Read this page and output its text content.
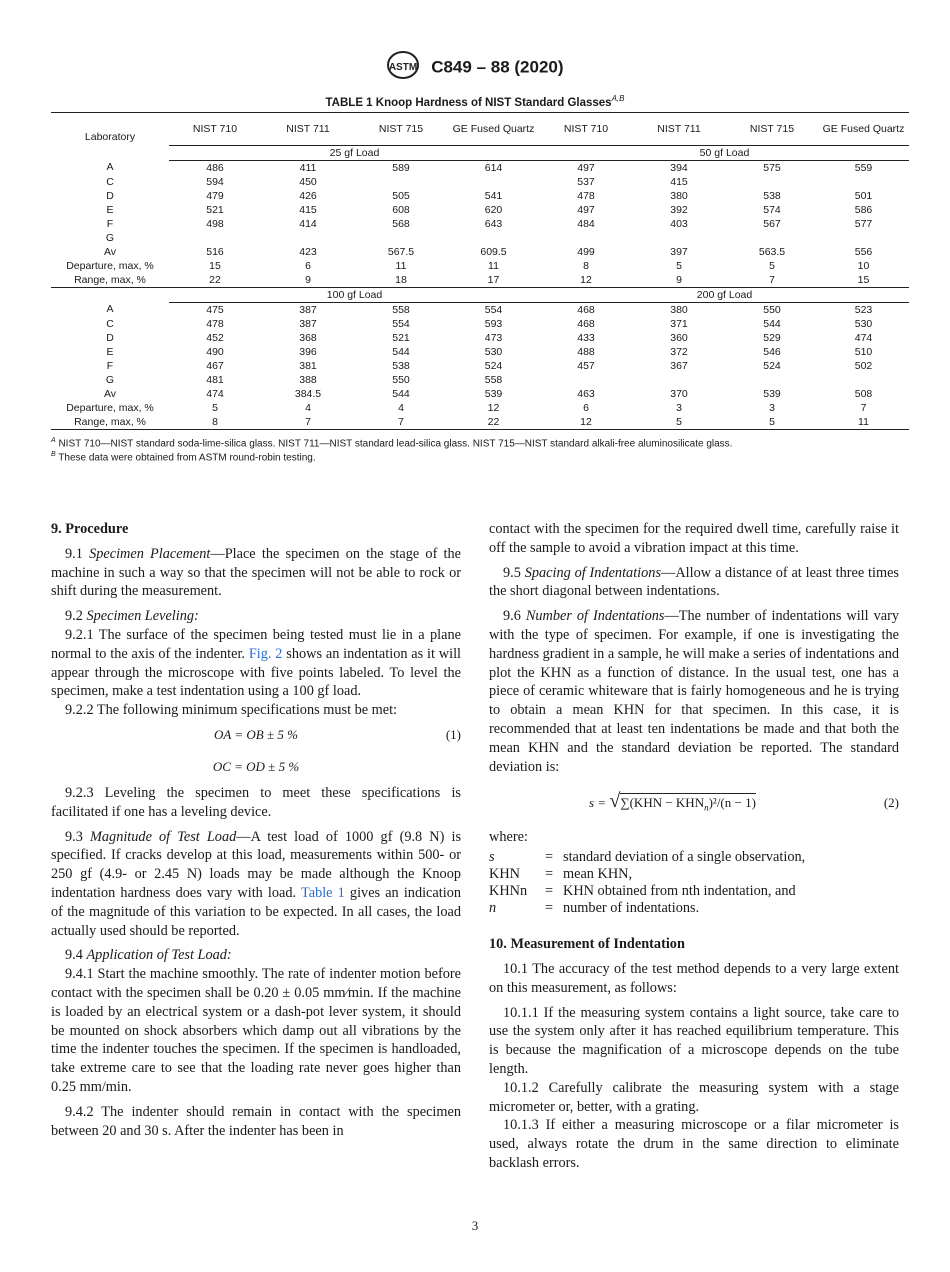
ASTM C849 – 88 (2020)
TABLE 1 Knoop Hardness of NIST Standard Glasses$^{A,B}$
Laboratory	NIST 710	NIST 711	NIST 715	GE Fused Quartz	NIST 710	NIST 711	NIST 715	GE Fused Quartz
	25 gf Load				50 gf Load			
A	486	411	589	614	497	394	575	559
C	594	450			537	415		
D	479	426	505	541	478	380	538	501
E	521	415	608	620	497	392	574	586
F	498	414	568	643	484	403	567	577
G								
Av	516	423	567.5	609.5	499	397	563.5	556
Departure, max, %	15	6	11	11	8	5	5	10
Range, max, %	22	9	18	17	12	9	7	15
	100 gf Load				200 gf Load			
A	475	387	558	554	468	380	550	523
C	478	387	554	593	468	371	544	530
D	452	368	521	473	433	360	529	474
E	490	396	544	530	488	372	546	510
F	467	381	538	524	457	367	524	502
G	481	388	550	558				
Av	474	384.5	544	539	463	370	539	508
Departure, max, %	5	4	4	12	6	3	3	7
Range, max, %	8	7	7	22	12	5	5	11
$^A$ NIST 710—NIST standard soda-lime-silica glass. NIST 711—NIST standard lead-silica glass. NIST 715—NIST standard alkali-free aluminosilicate glass.
$^B$ These data were obtained from ASTM round-robin testing.
9. Procedure

9.1 Specimen Placement—Place the specimen on the stage of the machine in such a way so that the specimen will not be able to rock or shift during the measurement.

9.2 Specimen Leveling:

9.2.1 The surface of the specimen being tested must lie in a plane normal to the axis of the indenter. Fig. 2 shows an indentation as it will appear through the microscope with five points labeled. To level the specimen, make a test indentation using a 100 gf load.

9.2.2 The following minimum specifications must be met:

OA = OB ± 5 %	(1)
OC = OD ± 5 %

9.2.3 Leveling the specimen to meet these specifications is facilitated if one has a leveling device.

9.3 Magnitude of Test Load—A test load of 1000 gf (9.8 N) is specified. If cracks develop at this load, measurements within 500- or 250 gf (4.9- or 2.45 N) loads may be made although the Knoop indentation hardness does vary with load. Table 1 gives an indication of the magnitude of this variation to be expected. In all cases, the load actually used should be reported.

9.4 Application of Test Load:

9.4.1 Start the machine smoothly. The rate of indenter motion before contact with the specimen shall be 0.20 ± 0.05 mm⁄min. If the machine is loaded by an electrical system or a dash-pot lever system, it should be mounted on shock absorbers which damp out all vibrations by the time the indenter touches the specimen. If the specimen is handloaded, take extreme care to see that the loading rate never goes higher than 0.25 mm/min.

9.4.2 The indenter should remain in contact with the specimen between 20 and 30 s. After the indenter has been in

contact with the specimen for the required dwell time, carefully raise it off the sample to avoid a vibration impact at this time.

9.5 Spacing of Indentations—Allow a distance of at least three times the short diagonal between indentations.

9.6 Number of Indentations—The number of indentations will vary with the type of specimen. For example, if one is investigating the hardness gradient in a sample, he will make a series of indentations and plot the KHN as a function of distance. In the usual test, one has a piece of ceramic whiteware that is fairly homogeneous and he is trying to obtain a mean KHN for that specimen. In this case, it is recommended that at least ten indentations be made and that both the mean KHN and the standard deviation be reported. The standard deviation is:

$s = √\sum(KHN - KHN_n)^2/(n - 1)$	(2)

where:

s	= standard deviation of a single observation,
KHN	= mean KHN,
KHNn	= KHN obtained from nth indentation, and
n	= number of indentations.
10. Measurement of Indentation

10.1 The accuracy of the test method depends to a very large extent on this measurement, as follows:

10.1.1 If the measuring system contains a light source, take care to use the system only after it has reached equilibrium temperature. This is because the magnification of a microscope depends on the tube length.

10.1.2 Carefully calibrate the measuring system with a stage micrometer or, better, with a grating.

10.1.3 If either a measuring microscope or a filar micrometer is used, always rotate the drum in the same direction to eliminate backlash errors.

3
